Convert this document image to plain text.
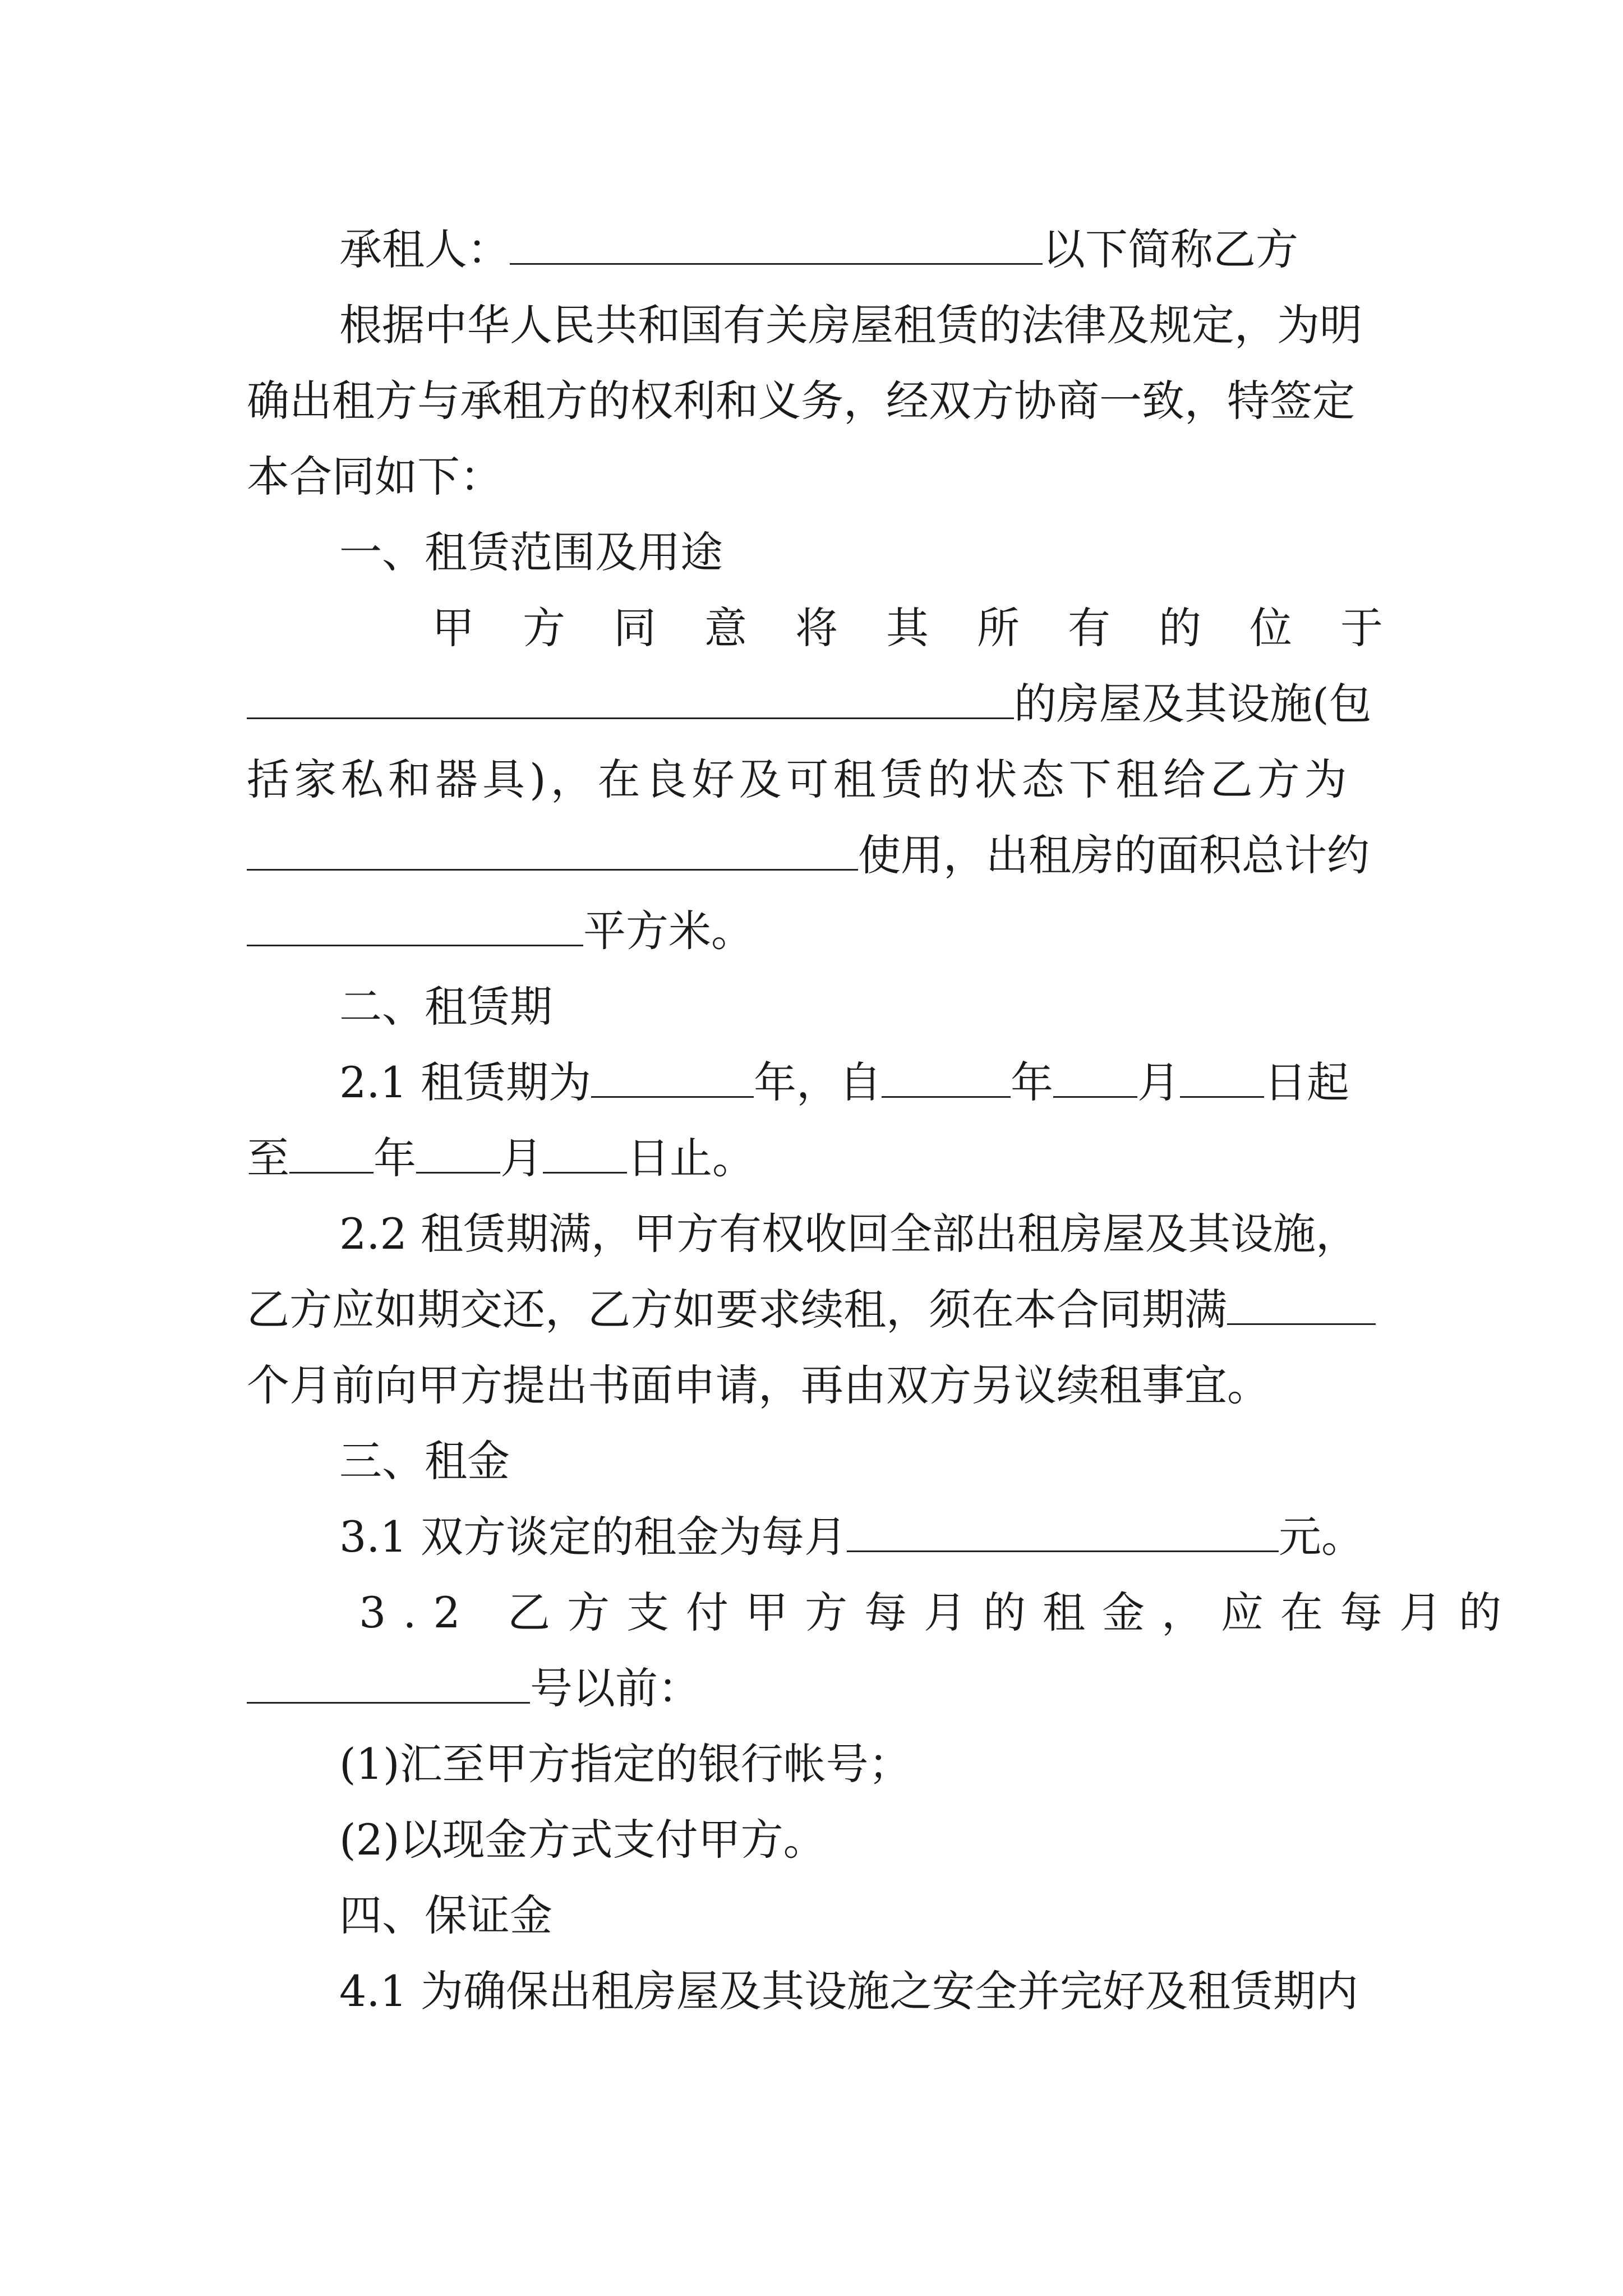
承租人：	以下简称乙方
根据中华人民共和国有关房屋租赁的法律及规定，为明
确出租方与承租方的权利和义务，经双方协商一致，特签定
本合同如下：
一、租赁范围及用途
甲方同意将其所有的位于
的房屋及其设施(包
括家私和器具)，在良好及可租赁的状态下租给乙方为
使用，出租房的面积总计约
平方米。
二、租赁期
2.1 租赁期为	年，自	年 月 日起
至 年 月 日止。
2.2 租赁期满，甲方有权收回全部出租房屋及其设施，
乙方应如期交还，乙方如要求续租，须在本合同期满
个月前向甲方提出书面申请，再由双方另议续租事宜。
三、租金
3.1 双方谈定的租金为每月	元。
3.2 乙方支付甲方每月的租金，应在每月的
号以前：
(1)汇至甲方指定的银行帐号；
(2)以现金方式支付甲方。
四、保证金
4.1 为确保出租房屋及其设施之安全并完好及租赁期内
